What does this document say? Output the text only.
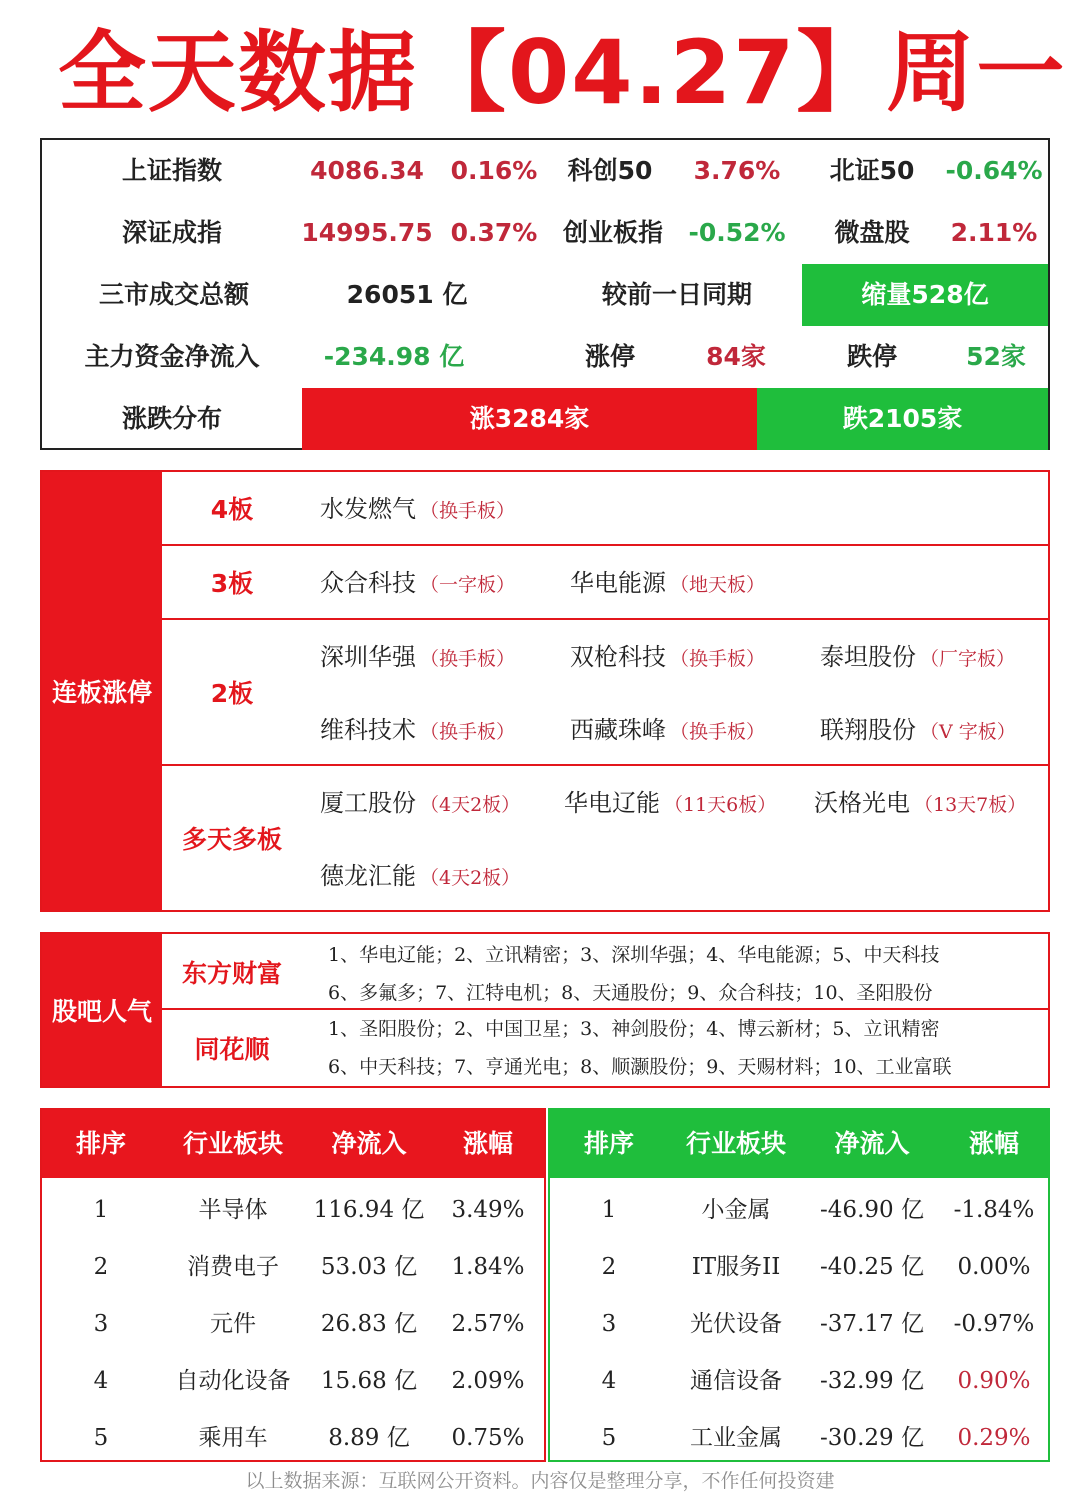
全天数据【04.27】周一
上证指数	4086.34	0.16%	科创50	3.76%	北证50	-0.64%
深证成指	14995.75 0.37%	创业板指	-0.52%	微盘股	2.11%
三市成交总额	26051 亿	较前一日同期	缩量528亿
主力资金净流入	-234.98 亿	涨停	84家	跌停	52家
涨跌分布	涨3284家	跌2105家
连板涨停
4板	水发燃气 （换手板）
3板	众合科技 （一字板） 华电能源 （地天板）
2板
深圳华强 （换手板） 双枪科技 （换手板） 泰坦股份 （厂字板）
维科技术 （换手板） 西藏珠峰 （换手板） 联翔股份 （V 字板）
多天多板
厦工股份 （4天2板） 华电辽能 （11天6板） 沃格光电 （13天7板）
德龙汇能 （4天2板）
股吧人气
东方财富
1、华电辽能；2、立讯精密；3、深圳华强；4、华电能源；5、中天科技
6、多氟多；7、江特电机；8、天通股份；9、众合科技；10、圣阳股份
同花顺
1、圣阳股份；2、中国卫星；3、神剑股份；4、博云新材；5、立讯精密
6、中天科技；7、亨通光电；8、顺灏股份；9、天赐材料；10、工业富联
排序	行业板块	净流入	涨幅
1	半导体	116.94 亿	3.49%
2	消费电子	53.03 亿	1.84%
3	元件	26.83 亿	2.57%
4	自动化设备	15.68 亿	2.09%
5	乘用车	8.89 亿	0.75%
排序	行业板块	净流入	涨幅
1	小金属	-46.90 亿	-1.84%
2	IT服务II	-40.25 亿	0.00%
3	光伏设备	-37.17 亿	-0.97%
4	通信设备	-32.99 亿	0.90%
5	工业金属	-30.29 亿	0.29%
以上数据来源：互联网公开资料。内容仅是整理分享，不作任何投资建
